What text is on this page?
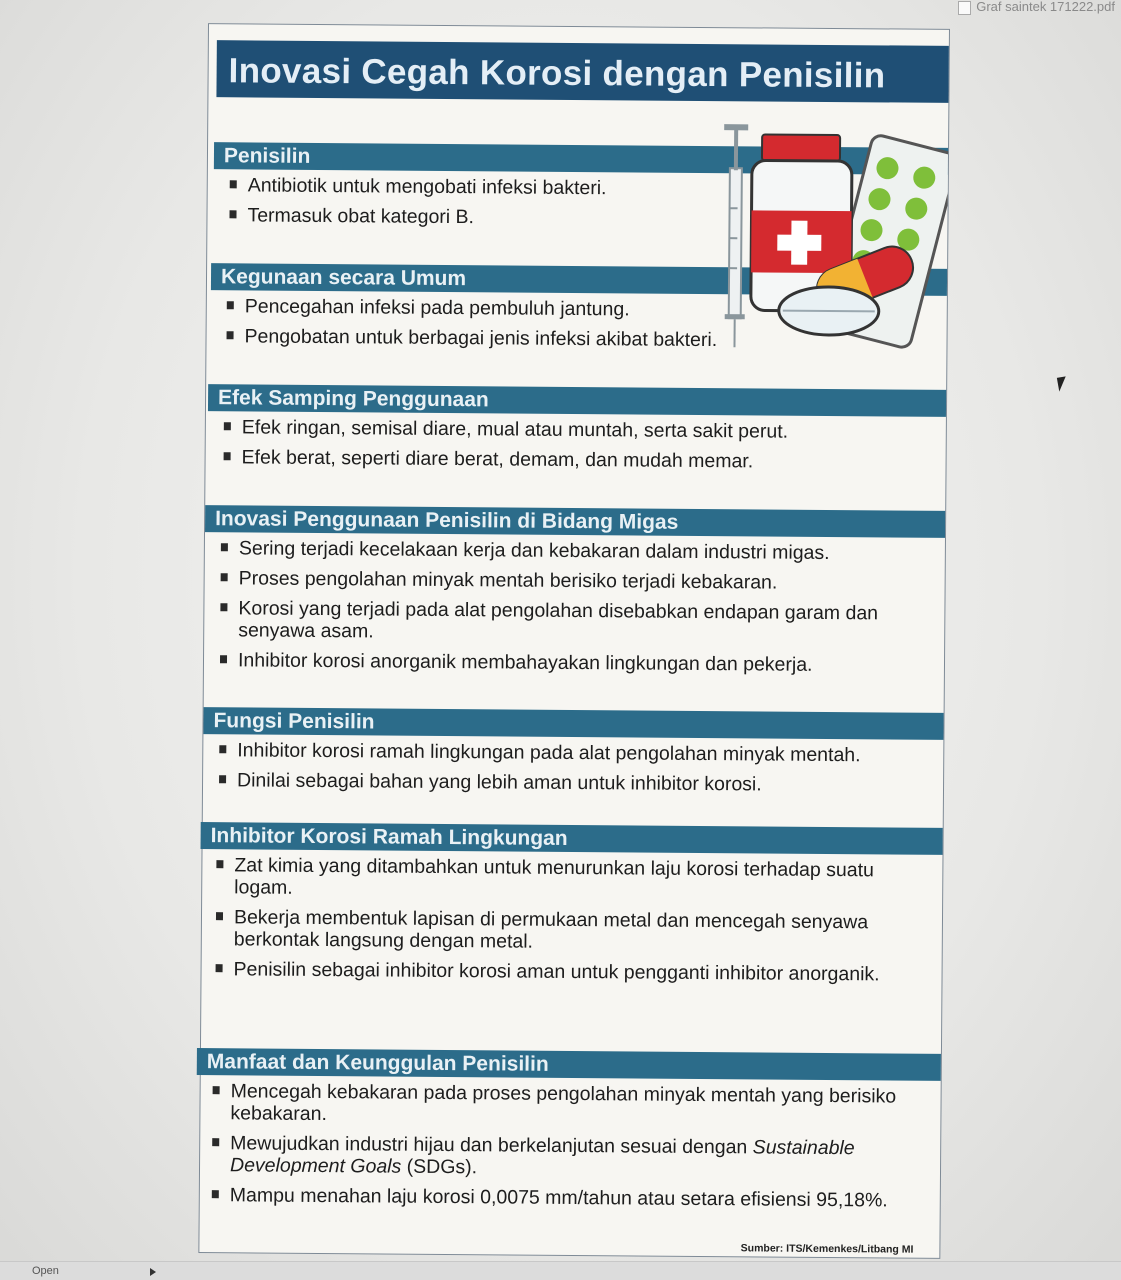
Graf saintek 171222.pdf
Inovasi Cegah Korosi dengan Penisilin
Penisilin
Antibiotik untuk mengobati infeksi bakteri.
Termasuk obat kategori B.
Kegunaan secara Umum
Pencegahan infeksi pada pembuluh jantung.
Pengobatan untuk berbagai jenis infeksi akibat bakteri.
Efek Samping Penggunaan
Efek ringan, semisal diare, mual atau muntah, serta sakit perut.
Efek berat, seperti diare berat, demam, dan mudah memar.
Inovasi Penggunaan Penisilin di Bidang Migas
Sering terjadi kecelakaan kerja dan kebakaran dalam industri migas.
Proses pengolahan minyak mentah berisiko terjadi kebakaran.
Korosi yang terjadi pada alat pengolahan disebabkan endapan garam dan senyawa asam.
Inhibitor korosi anorganik membahayakan lingkungan dan pekerja.
Fungsi Penisilin
Inhibitor korosi ramah lingkungan pada alat pengolahan minyak mentah.
Dinilai sebagai bahan yang lebih aman untuk inhibitor korosi.
Inhibitor Korosi Ramah Lingkungan
Zat kimia yang ditambahkan untuk menurunkan laju korosi terhadap suatu logam.
Bekerja membentuk lapisan di permukaan metal dan mencegah senyawa berkontak langsung dengan metal.
Penisilin sebagai inhibitor korosi aman untuk pengganti inhibitor anorganik.
Manfaat dan Keunggulan Penisilin
Mencegah kebakaran pada proses pengolahan minyak mentah yang berisiko kebakaran.
Mewujudkan industri hijau dan berkelanjutan sesuai dengan Sustainable Development Goals (SDGs).
Mampu menahan laju korosi 0,0075 mm/tahun atau setara efisiensi 95,18%.
Sumber: ITS/Kemenkes/Litbang MI
Open
